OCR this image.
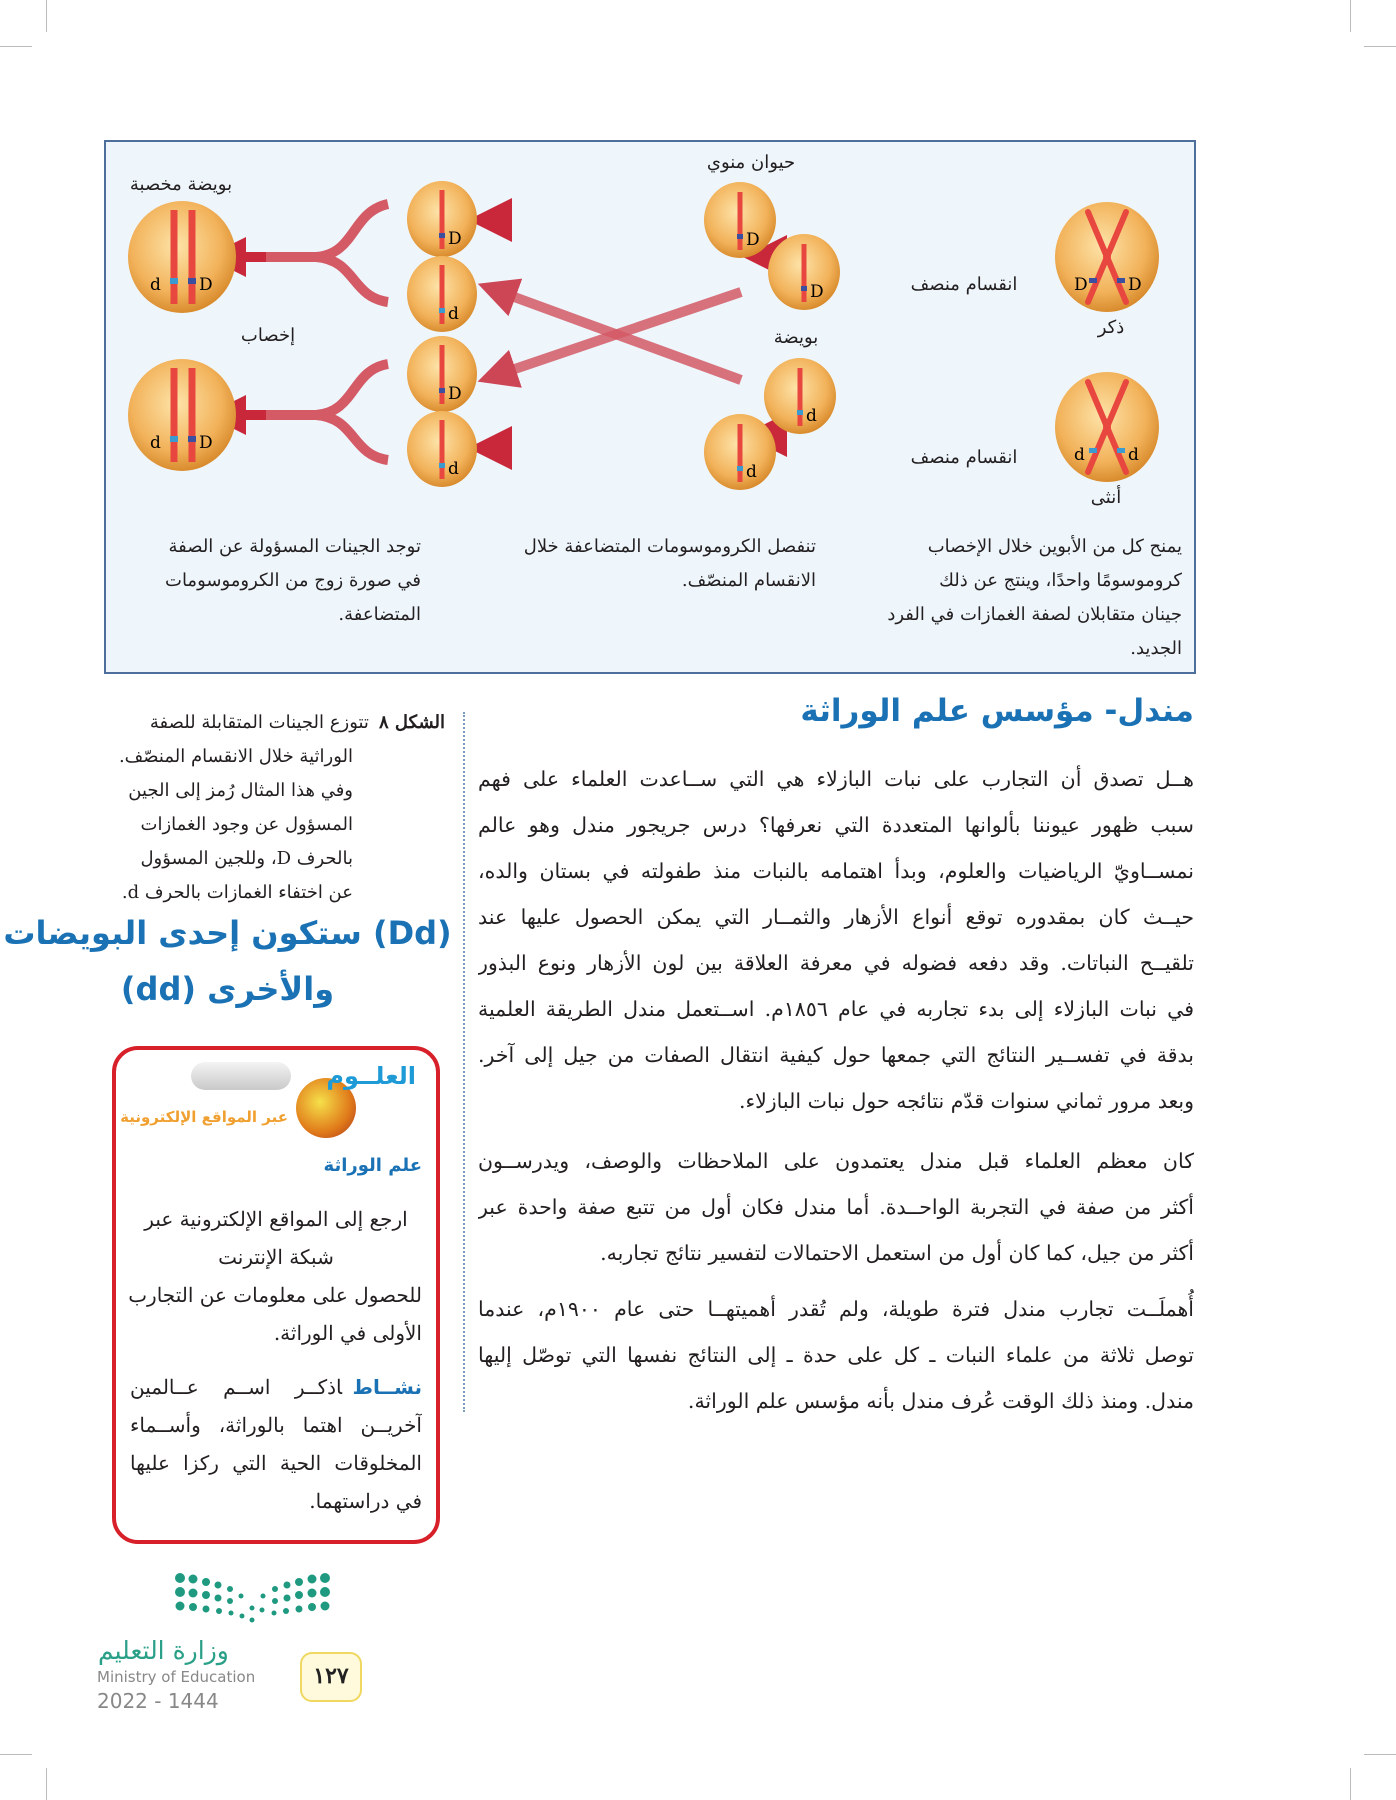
D D
d	d
D
D
d
d
D
d
D
d
d D
d D
حيوان منوي
بويضة مخصبة
انقسام منصف
انقسام منصف
ذكر
بويضة
إخصاب
أنثى
يمنح كل من الأبوين خلال الإخصاب
كروموسومًا واحدًا، وينتج عن ذلك
جينان متقابلان لصفة الغمازات في الفرد
الجديد.
تنفصل الكروموسومات المتضاعفة خلال
الانقسام المنصّف.
توجد الجينات المسؤولة عن الصفة
في صورة زوج من الكروموسومات
المتضاعفة.
مندل- مؤسس علم الوراثة
هــل تصدق أن التجارب على نبات البازلاء هي التي ســاعدت العلماء على فهم
سبب ظهور عيوننا بألوانها المتعددة التي نعرفها؟ درس جريجور مندل وهو عالم
نمســاويّ الرياضيات والعلوم، وبدأ اهتمامه بالنبات منذ طفولته في بستان والده،
حيــث كان بمقدوره توقع أنواع الأزهار والثمــار التي يمكن الحصول عليها عند
تلقيــح النباتات. وقد دفعه فضوله في معرفة العلاقة بين لون الأزهار ونوع البذور
في نبات البازلاء إلى بدء تجاربه في عام ١٨٥٦م. اســتعمل مندل الطريقة العلمية
بدقة في تفســير النتائج التي جمعها حول كيفية انتقال الصفات من جيل إلى آخر.
وبعد مرور ثماني سنوات قدّم نتائجه حول نبات البازلاء.
كان معظم العلماء قبل مندل يعتمدون على الملاحظات والوصف، ويدرســون
أكثر من صفة في التجربة الواحــدة. أما مندل فكان أول من تتبع صفة واحدة عبر
أكثر من جيل، كما كان أول من استعمل الاحتمالات لتفسير نتائج تجاربه.
أُهملَــت تجارب مندل فترة طويلة، ولم تُقدر أهميتهــا حتى عام ١٩٠٠م، عندما
توصل ثلاثة من علماء النبات ـ كل على حدة ـ إلى النتائج نفسها التي توصّل إليها
مندل. ومنذ ذلك الوقت عُرف مندل بأنه مؤسس علم الوراثة.
الشكل ٨تتوزع الجينات المتقابلة للصفة
الوراثية خلال الانقسام المنصّف.
وفي هذا المثال رُمز إلى الجين
المسؤول عن وجود الغمازات
بالحرف D، وللجين المسؤول
عن اختفاء الغمازات بالحرف d.
(Dd) ستكون إحدى البويضات
والأخرى (dd)
العلــوم
عبر المواقع الإلكترونية
علم الوراثة
ارجع إلى المواقع الإلكترونية عبر
شبكة الإنترنت
للحصول على معلومات عن التجارب
الأولى في الوراثة.
نشــاطاذكــر اســم عــالمين
آخريــن اهتما بالوراثة، وأســماء
المخلوقات الحية التي ركزا عليها
في دراستهما.
وزارة التعليم
Ministry of Education
2022 - 1444
١٢٧
